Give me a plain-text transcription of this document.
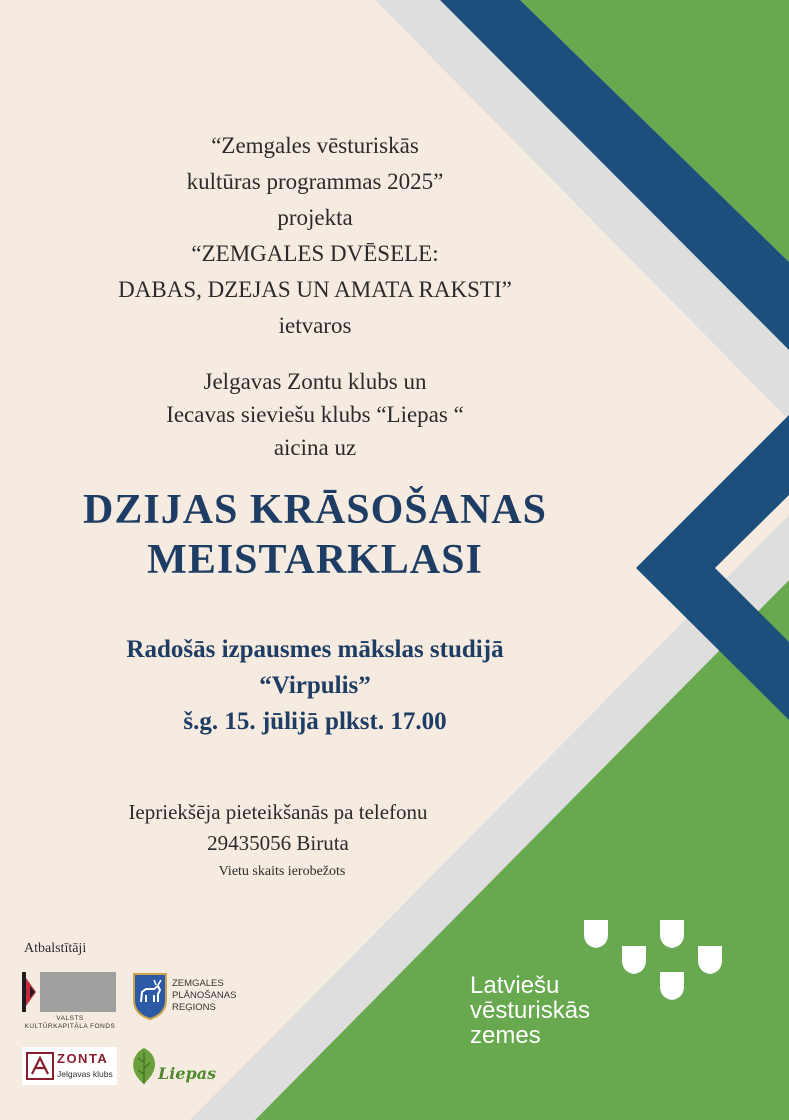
“Zemgales vēsturiskās
kultūras programmas 2025”
projekta
“ZEMGALES DVĒSELE:
DABAS, DZEJAS UN AMATA RAKSTI”
ietvaros
Jelgavas Zontu klubs un
Iecavas sieviešu klubs “Liepas “
aicina uz
DZIJAS KRĀSOŠANAS
MEISTARKLASI
Radošās izpausmes mākslas studijā
“Virpulis”
š.g. 15. jūlijā plkst. 17.00
Iepriekšēja pieteikšanās pa telefonu
29435056 Biruta
Vietu skaits ierobežots
Atbalstītāji
VALSTS
KULTŪRKAPITĀLA FONDS
ZEMGALES
PLĀNOŠANAS
REĢIONS
ZONTA
Jelgavas klubs	Liepas
Latviešu
vēsturiskās
zemes
